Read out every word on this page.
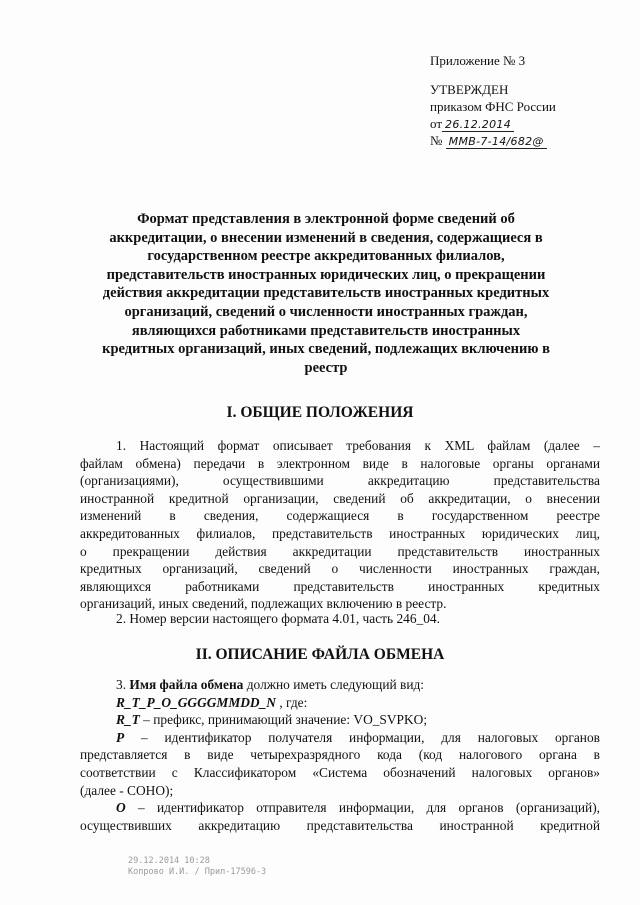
Приложение № 3
УТВЕРЖДЕН
приказом ФНС России
от 26.12.2014
№ ММВ-7-14/682@
Формат представления в электронной форме сведений об
аккредитации, о внесении изменений в сведения, содержащиеся в
государственном реестре аккредитованных филиалов,
представительств иностранных юридических лиц, о прекращении
действия аккредитации представительств иностранных кредитных
организаций, сведений о численности иностранных граждан,
являющихся работниками представительств иностранных
кредитных организаций, иных сведений, подлежащих включению в
реестр
I. ОБЩИЕ ПОЛОЖЕНИЯ
1. Настоящий формат описывает требования к XML файлам (далее –
файлам обмена) передачи в электронном виде в налоговые органы органами
(организациями), осуществившими аккредитацию представительства
иностранной кредитной организации, сведений об аккредитации, о внесении
изменений в сведения, содержащиеся в государственном реестре
аккредитованных филиалов, представительств иностранных юридических лиц,
о прекращении действия аккредитации представительств иностранных
кредитных организаций, сведений о численности иностранных граждан,
являющихся работниками представительств иностранных кредитных
организаций, иных сведений, подлежащих включению в реестр.
2. Номер версии настоящего формата 4.01, часть 246_04.
II. ОПИСАНИЕ ФАЙЛА ОБМЕНА
3. Имя файла обмена должно иметь следующий вид:
R_T_P_O_GGGGMMDD_N , где:
R_T – префикс, принимающий значение: VO_SVPKO;
P – идентификатор получателя информации, для налоговых органов
представляется в виде четырехразрядного кода (код налогового органа в
соответствии с Классификатором «Система обозначений налоговых органов»
(далее - СОНО);
O – идентификатор отправителя информации, для органов (организаций),
осуществивших аккредитацию представительства иностранной кредитной
29.12.2014 10:28
Копрово И.И. / Прил-17596-3
